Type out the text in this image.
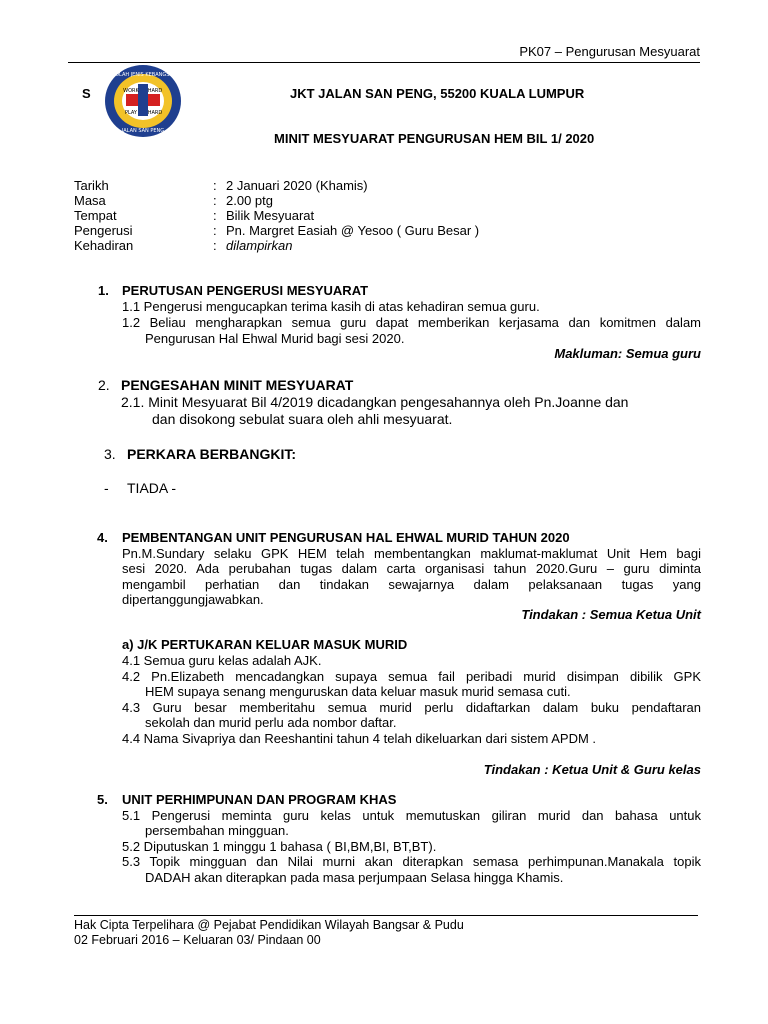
PK07 – Pengurusan Mesyuarat
S
SEKOLAH JENIS KEBANGSAAN
JALAN SAN PENG
WORK HARD
PLAY HARD
JKT JALAN SAN PENG, 55200 KUALA LUMPUR
MINIT MESYUARAT PENGURUSAN HEM BIL 1/ 2020
Tarikh	: 2 Januari 2020 (Khamis)
Masa	: 2.00 ptg
Tempat	: Bilik Mesyuarat
Pengerusi	: Pn. Margret Easiah @ Yesoo ( Guru Besar )
Kehadiran	: dilampirkan
1. PERUTUSAN PENGERUSI MESYUARAT
1.1 Pengerusi mengucapkan terima kasih di atas kehadiran semua guru.
1.2 Beliau mengharapkan semua guru dapat memberikan kerjasama dan komitmen dalam
Pengurusan Hal Ehwal Murid bagi sesi 2020.
Makluman: Semua guru
2. PENGESAHAN MINIT MESYUARAT
2.1. Minit Mesyuarat Bil 4/2019 dicadangkan pengesahannya oleh Pn.Joanne dan
dan disokong sebulat suara oleh ahli mesyuarat.
3. PERKARA BERBANGKIT:
- TIADA -
4. PEMBENTANGAN UNIT PENGURUSAN HAL EHWAL MURID TAHUN 2020
Pn.M.Sundary selaku GPK HEM telah membentangkan maklumat-maklumat Unit Hem bagi
sesi 2020. Ada perubahan tugas dalam carta organisasi tahun 2020.Guru – guru diminta
mengambil perhatian dan tindakan sewajarnya dalam pelaksanaan tugas yang
dipertanggungjawabkan.
Tindakan : Semua Ketua Unit
a) J/K PERTUKARAN KELUAR MASUK MURID
4.1 Semua guru kelas adalah AJK.
4.2 Pn.Elizabeth mencadangkan supaya semua fail peribadi murid disimpan dibilik GPK
HEM supaya senang menguruskan data keluar masuk murid semasa cuti.
4.3 Guru besar memberitahu semua murid perlu didaftarkan dalam buku pendaftaran
sekolah dan murid perlu ada nombor daftar.
4.4 Nama Sivapriya dan Reeshantini tahun 4 telah dikeluarkan dari sistem APDM .
Tindakan : Ketua Unit & Guru kelas
5. UNIT PERHIMPUNAN DAN PROGRAM KHAS
5.1 Pengerusi meminta guru kelas untuk memutuskan giliran murid dan bahasa untuk
persembahan mingguan.
5.2 Diputuskan 1 minggu 1 bahasa ( BI,BM,BI, BT,BT).
5.3 Topik mingguan dan Nilai murni akan diterapkan semasa perhimpunan.Manakala topik
DADAH akan diterapkan pada masa perjumpaan Selasa hingga Khamis.
Hak Cipta Terpelihara @ Pejabat Pendidikan Wilayah Bangsar & Pudu
02 Februari 2016 – Keluaran 03/ Pindaan 00
